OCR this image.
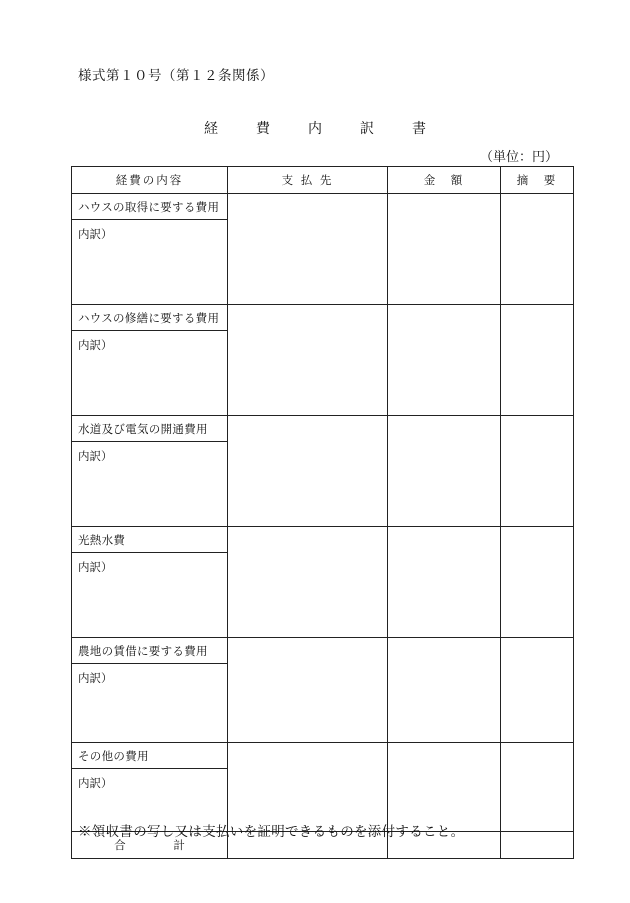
様式第１０号（第１２条関係）
経　費　内　訳　書
（単位：円）
経費の内容	支 払 先	金　額	摘　要
ハウスの取得に要する費用			
内訳）			
ハウスの修繕に要する費用			
内訳）			
水道及び電気の開通費用			
内訳）			
光熱水費			
内訳）			
農地の賃借に要する費用			
内訳）			
その他の費用			
内訳）			
合 計			
※領収書の写し又は支払いを証明できるものを添付すること。
